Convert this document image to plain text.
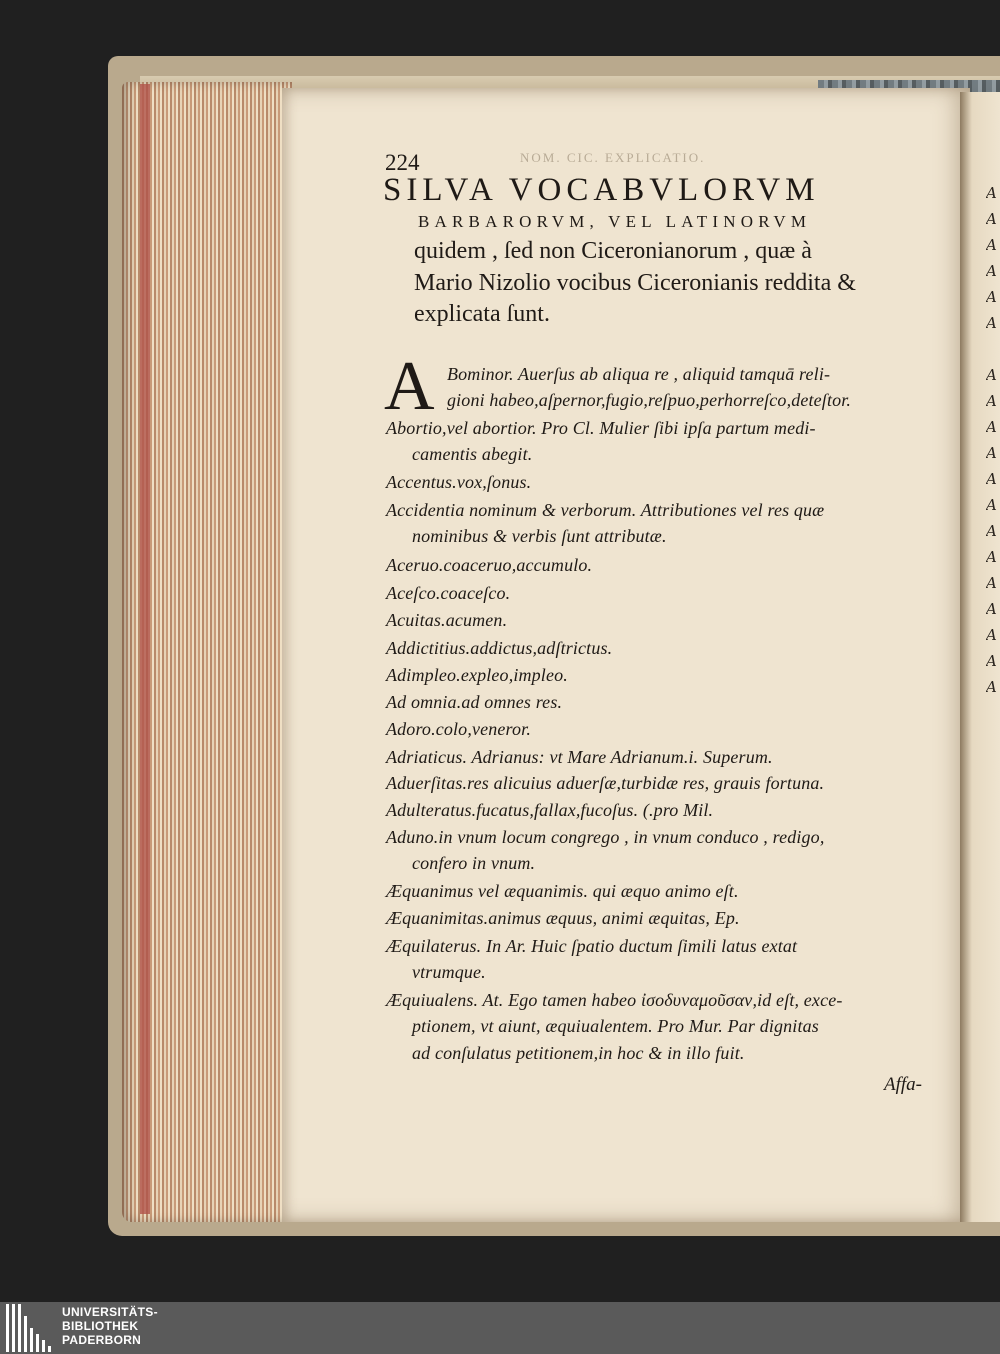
A
A
A
A
A
A

A
A
A
A
A
A
A
A
A
A
A
A
A
NOM. CIC. EXPLICATIO.
224
SILVA VOCABVLORVM
BARBARORVM, VEL LATINORVM
quidem , ſed non Ciceronianorum , quæ à
Mario Nizolio vocibus Ciceronianis reddita &
explicata ſunt.
A Bominor. Auerſus ab aliqua re , aliquid tamquā reli-
gioni habeo,aſpernor,fugio,reſpuo,perhorreſco,deteſtor.
Abortio,vel abortior. Pro Cl. Mulier ſibi ipſa partum medi-
camentis abegit.
Accentus.vox,ſonus.
Accidentia nominum & verborum. Attributiones vel res quæ
nominibus & verbis ſunt attributæ.
Aceruo.coaceruo,accumulo.
Aceſco.coaceſco.
Acuitas.acumen.
Addictitius.addictus,adſtrictus.
Adimpleo.expleo,impleo.
Ad omnia.ad omnes res.
Adoro.colo,veneror.
Adriaticus. Adrianus: vt Mare Adrianum.i. Superum.
Aduerſitas.res alicuius aduerſæ,turbidæ res, grauis fortuna.
Adulteratus.fucatus,fallax,fucoſus. (.pro Mil.
Aduno.in vnum locum congrego , in vnum conduco , redigo,
confero in vnum.
Æquanimus vel æquanimis. qui æquo animo eſt.
Æquanimitas.animus æquus, animi æquitas, Ep.
Æquilaterus. In Ar. Huic ſpatio ductum ſimili latus extat
vtrumque.
Æquiualens. At. Ego tamen habeo ἰσοδυναμοῦσαν,id eſt, exce-
ptionem, vt aiunt, æquiualentem. Pro Mur. Par dignitas
ad conſulatus petitionem,in hoc & in illo fuit.
Affa-
UNIVERSITÄTS-
BIBLIOTHEK
PADERBORN
